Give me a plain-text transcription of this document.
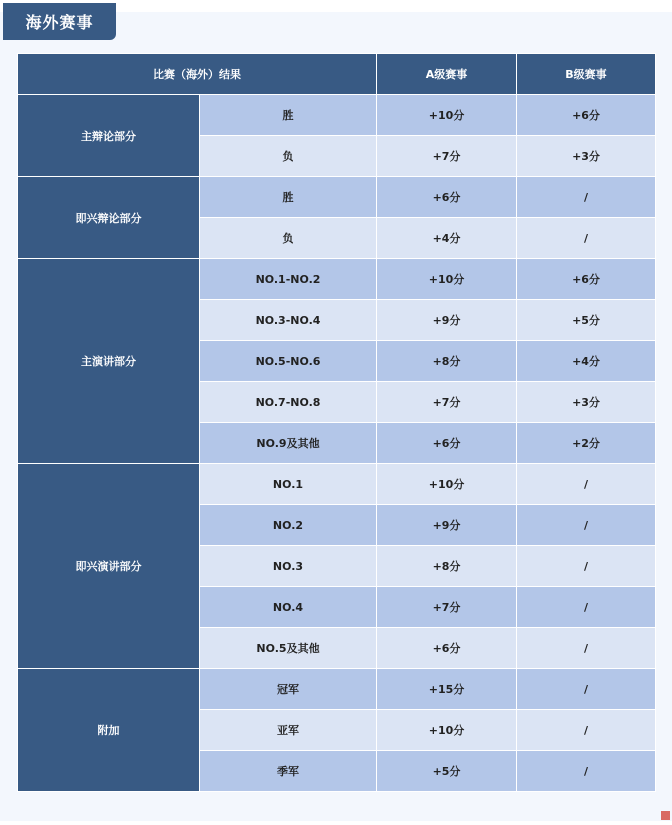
海外赛事
比赛（海外）结果		A级赛事	B级赛事
主辩论部分	胜	+10分	+6分
	负	+7分	+3分
即兴辩论部分	胜	+6分	/
	负	+4分	/
主演讲部分	NO.1-NO.2	+10分	+6分
	NO.3-NO.4	+9分	+5分
	NO.5-NO.6	+8分	+4分
	NO.7-NO.8	+7分	+3分
	NO.9及其他	+6分	+2分
即兴演讲部分	NO.1	+10分	/
	NO.2	+9分	/
	NO.3	+8分	/
	NO.4	+7分	/
	NO.5及其他	+6分	/
附加	冠军	+15分	/
	亚军	+10分	/
	季军	+5分	/
